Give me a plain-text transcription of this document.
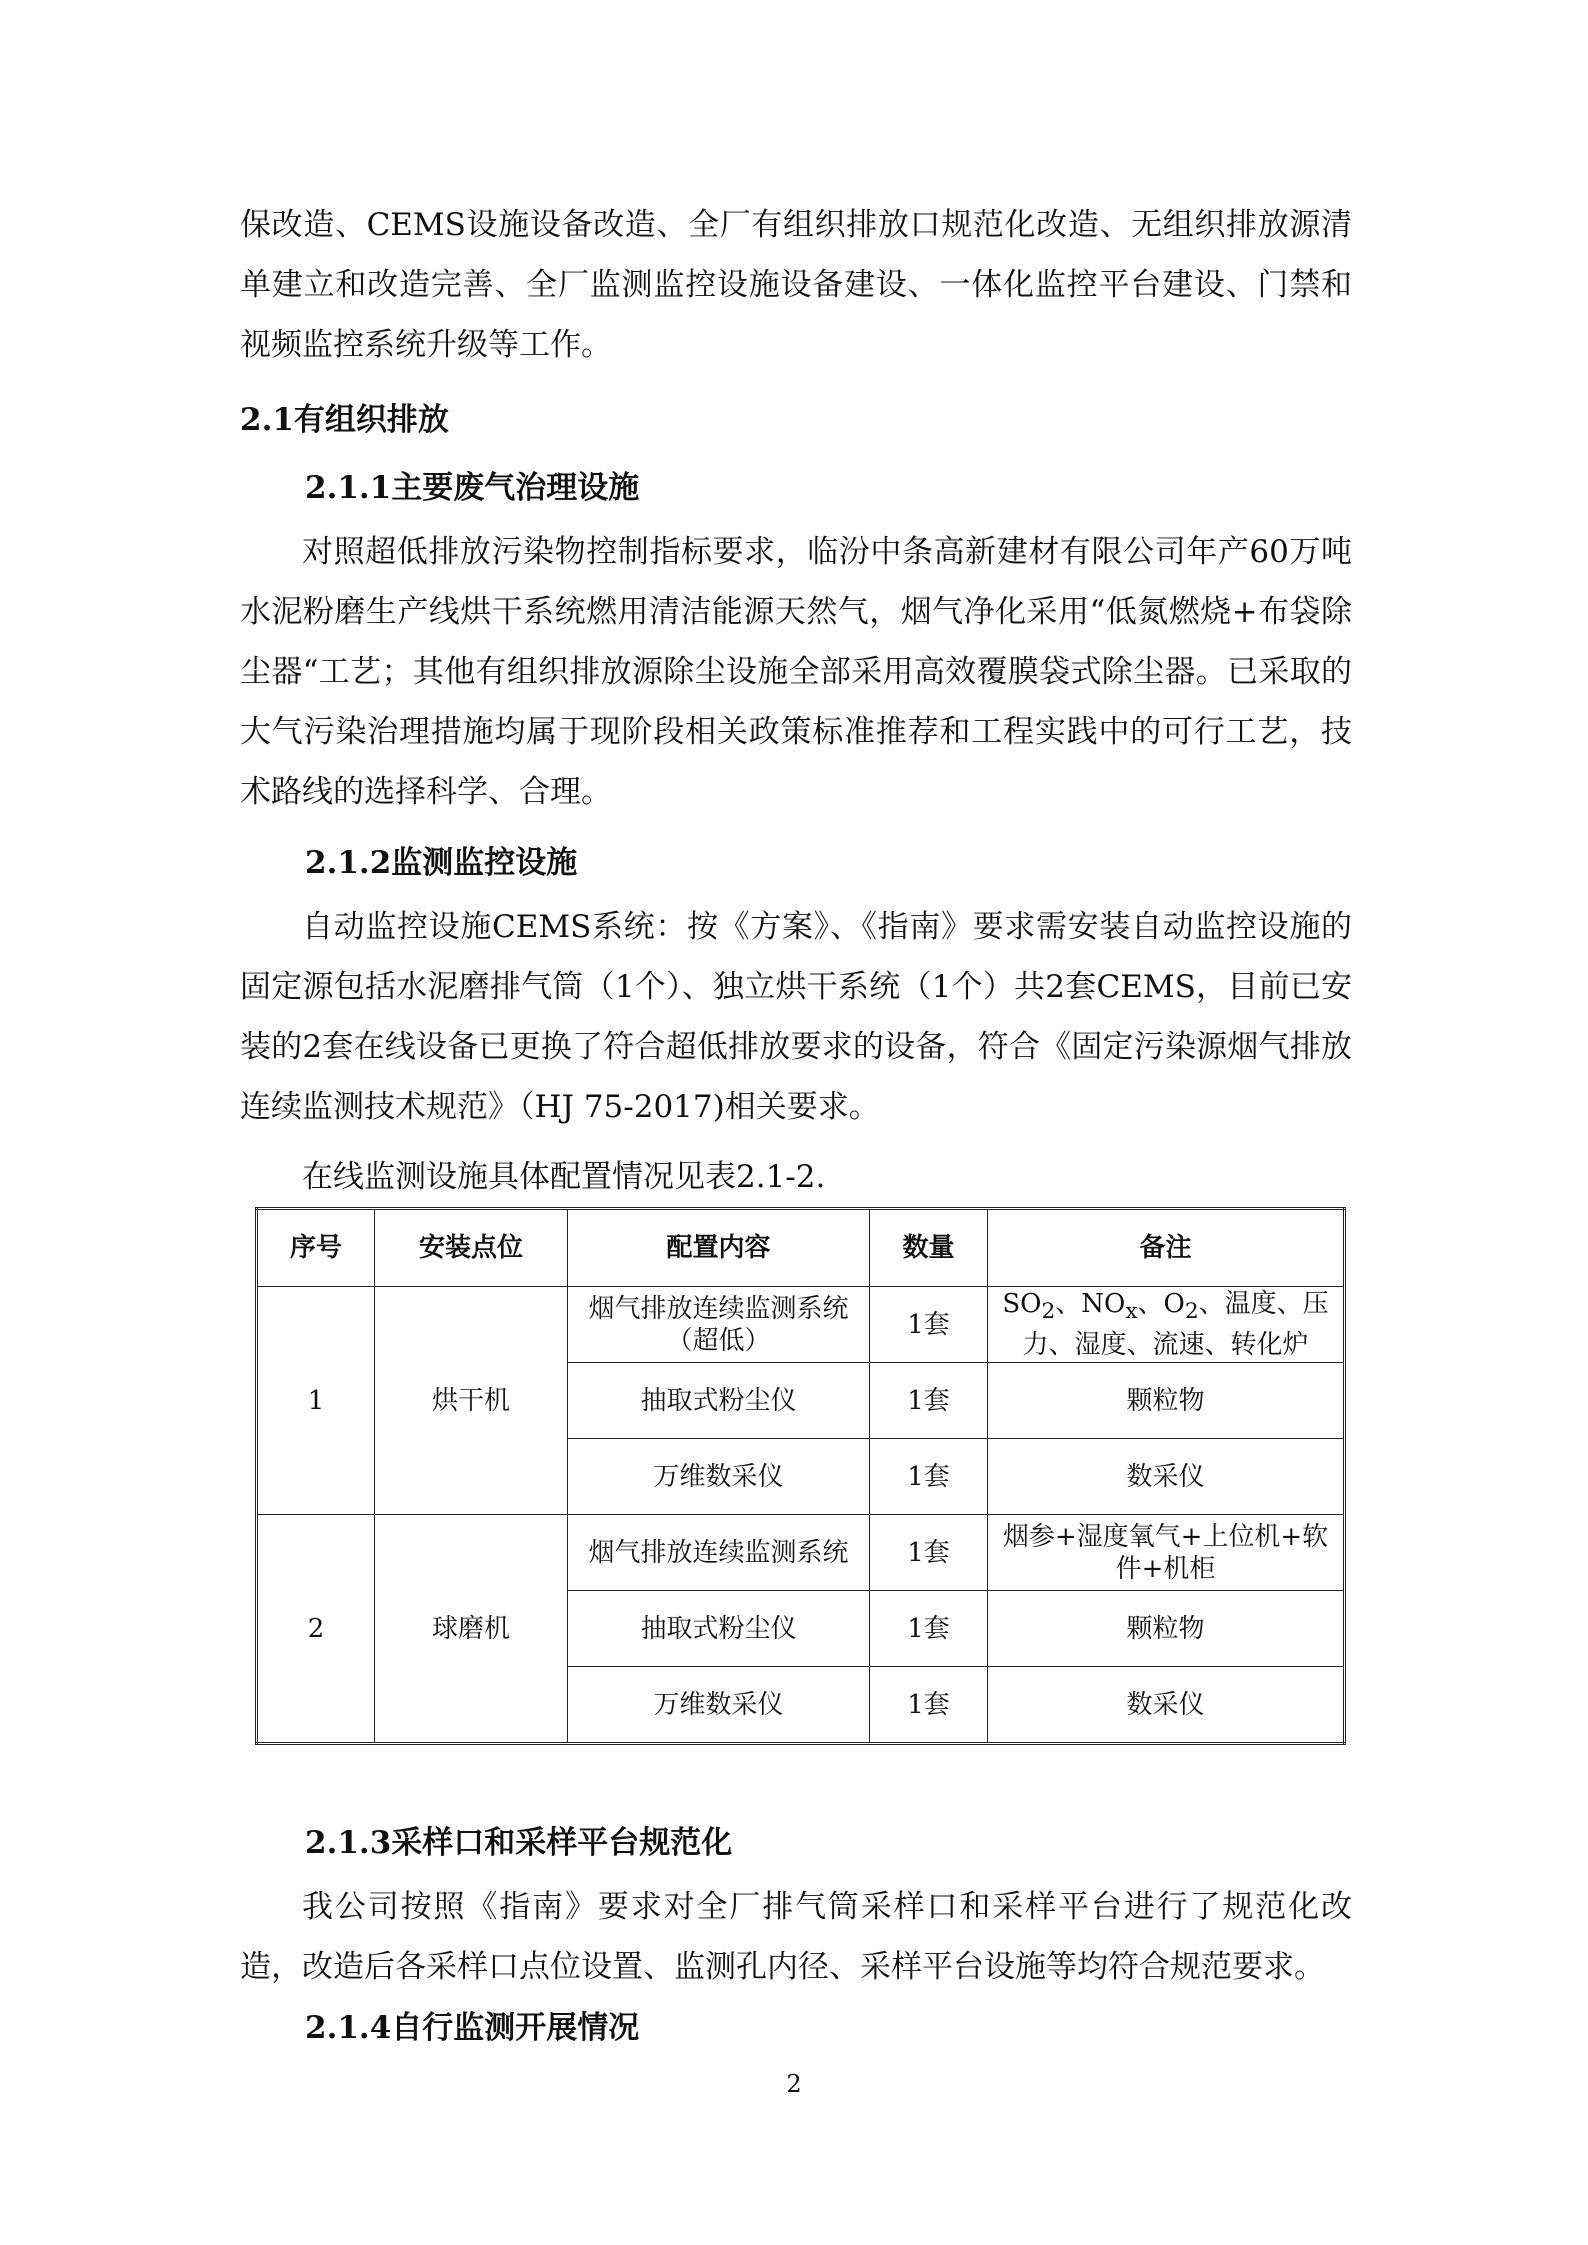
保改造、CEMS设施设备改造、全厂有组织排放口规范化改造、无组织排放源清单建立和改造完善、全厂监测监控设施设备建设、一体化监控平台建设、门禁和视频监控系统升级等工作。

2.1有组织排放
2.1.1主要废气治理设施

对照超低排放污染物控制指标要求，临汾中条高新建材有限公司年产60万吨水泥粉磨生产线烘干系统燃用清洁能源天然气，烟气净化采用“低氮燃烧+布袋除尘器“工艺；其他有组织排放源除尘设施全部采用高效覆膜袋式除尘器。已采取的大气污染治理措施均属于现阶段相关政策标准推荐和工程实践中的可行工艺，技术路线的选择科学、合理。

2.1.2监测监控设施

自动监控设施CEMS系统：按《方案》、《指南》要求需安装自动监控设施的固定源包括水泥磨排气筒（1个）、独立烘干系统（1个）共2套CEMS，目前已安装的2套在线设备已更换了符合超低排放要求的设备，符合《固定污染源烟气排放连续监测技术规范》（HJ 75-2017)相关要求。

在线监测设施具体配置情况见表2.1-2.

序号	安装点位	配置内容	数量	备注
1	烘干机	烟气排放连续监测系统（超低）	1套	$SO_2$、$NO_x$、$O_2$、温度、压力、湿度、流速、转化炉
		抽取式粉尘仪	1套	颗粒物
		万维数采仪	1套	数采仪
2	球磨机	烟气排放连续监测系统	1套	烟参+湿度氧气+上位机+软件+机柜
		抽取式粉尘仪	1套	颗粒物
		万维数采仪	1套	数采仪
2.1.3采样口和采样平台规范化

我公司按照《指南》要求对全厂排气筒采样口和采样平台进行了规范化改造，改造后各采样口点位设置、监测孔内径、采样平台设施等均符合规范要求。

2.1.4自行监测开展情况
2
